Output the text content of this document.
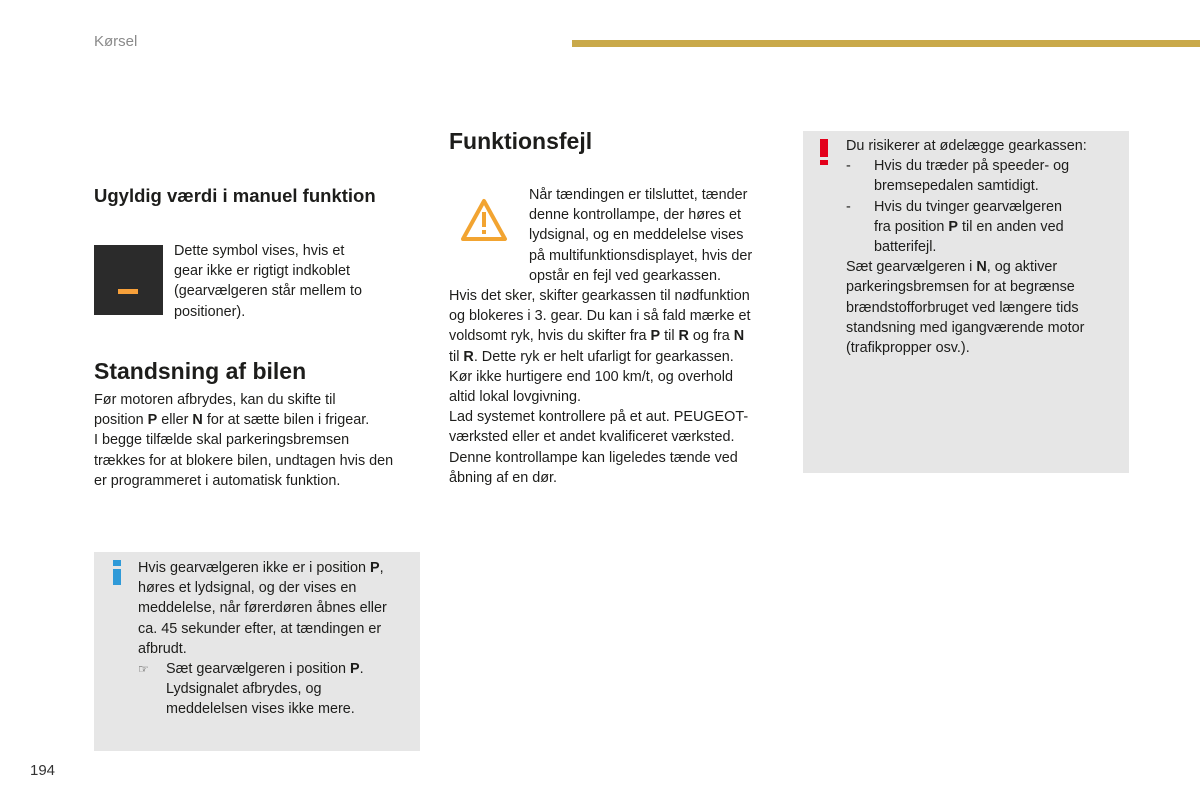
Kørsel
194
Ugyldig værdi i manuel funktion

Dette symbol vises, hvis et

gear ikke er rigtigt indkoblet

(gearvælgeren står mellem to

positioner).

Standsning af bilen

Før motoren afbrydes, kan du skifte til

position P eller N for at sætte bilen i frigear.

I begge tilfælde skal parkeringsbremsen

trækkes for at blokere bilen, undtagen hvis den

er programmeret i automatisk funktion.

Hvis gearvælgeren ikke er i position P,

høres et lydsignal, og der vises en

meddelelse, når førerdøren åbnes eller

ca. 45 sekunder efter, at tændingen er

afbrudt.

☞ Sæt gearvælgeren i position P.

Lydsignalet afbrydes, og

meddelelsen vises ikke mere.

Funktionsfejl

Når tændingen er tilsluttet, tænder

denne kontrollampe, der høres et

lydsignal, og en meddelelse vises

på multifunktionsdisplayet, hvis der

opstår en fejl ved gearkassen.

Hvis det sker, skifter gearkassen til nødfunktion

og blokeres i 3. gear. Du kan i så fald mærke et

voldsomt ryk, hvis du skifter fra P til R og fra N

til R. Dette ryk er helt ufarligt for gearkassen.

Kør ikke hurtigere end 100 km/t, og overhold

altid lokal lovgivning.

Lad systemet kontrollere på et aut. PEUGEOT-

værksted eller et andet kvalificeret værksted.

Denne kontrollampe kan ligeledes tænde ved

åbning af en dør.

Du risikerer at ødelægge gearkassen:

- Hvis du træder på speeder- og

bremsepedalen samtidigt.

- Hvis du tvinger gearvælgeren

fra position P til en anden ved

batterifejl.

Sæt gearvælgeren i N, og aktiver

parkeringsbremsen for at begrænse

brændstofforbruget ved længere tids

standsning med igangværende motor

(trafikpropper osv.).
